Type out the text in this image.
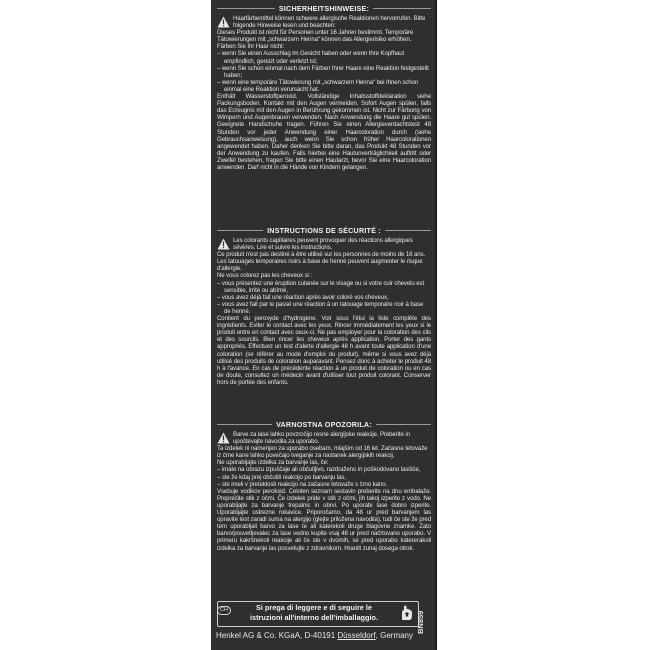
SICHERHEITSHINWEISE:

Haarfärbemittel können schwere allergische Reaktionen hervorrufen. Bitte folgende Hinweise lesen und beachten:

Dieses Produkt ist nicht für Personen unter 16 Jahren bestimmt. Temporäre Tätowierungen mit „schwarzem Henna“ können das Allergierisiko erhöhen.

Färben Sie Ihr Haar nicht:

– wenn Sie einen Ausschlag im Gesicht haben oder wenn Ihre Kopfhaut empfindlich, gereizt oder verletzt ist;

– wenn Sie schon einmal nach dem Färben Ihrer Haare eine Reaktion festgestellt haben;

– wenn eine temporäre Tätowierung mit „schwarzem Henna“ bei Ihnen schon einmal eine Reaktion verursacht hat.

Enthält Wasserstoffperoxid. Vollständige Inhaltsstoffdeklaration siehe Packungsboden. Kontakt mit den Augen vermeiden. Sofort Augen spülen, falls das Erzeugnis mit den Augen in Berührung gekommen ist. Nicht zur Färbung von Wimpern und Augenbrauen verwenden. Nach Anwendung die Haare gut spülen. Geeignete Handschuhe tragen. Führen Sie einen Allergieverdachtstest 48 Stunden vor jeder Anwendung einer Haarcoloration durch (siehe Gebrauchsanweisung), auch wenn Sie schon früher Haarcolorationen angewendet haben. Daher denken Sie bitte daran, das Produkt 48 Stunden vor der Anwendung zu kaufen. Falls hierbei eine Hautunverträglichkeit auftritt oder Zweifel bestehen, fragen Sie bitte einen Hautarzt, bevor Sie eine Haarcoloration anwenden. Darf nicht in die Hände von Kindern gelangen.

INSTRUCTIONS DE SÉCURITÉ :

Les colorants capillaires peuvent provoquer des réactions allergiques sévères. Lire et suivre les instructions.

Ce produit n'est pas destiné à être utilisé sur les personnes de moins de 16 ans. Les tatouages temporaires noirs à base de henné peuvent augmenter le risque d'allergie.

Ne vous colorez pas les cheveux si :

– vous présentez une éruption cutanée sur le visage ou si votre cuir chevelu est sensible, irrité ou abîmé,

– vous avez déjà fait une réaction après avoir coloré vos cheveux,

– vous avez fait par le passé une réaction à un tatouage temporaire noir à base de henné.

Contient du peroxyde d'hydrogène. Voir sous l'étui la liste complète des ingrédients. Eviter le contact avec les yeux. Rincer immédiatement les yeux si le produit entre en contact avec ceux-ci. Ne pas employer pour la coloration des cils et des sourcils. Bien rincer les cheveux après application. Porter des gants appropriés. Effectuez un test d'alerte d'allergie 48 h avant toute application d'une coloration (se référer au mode d'emploi du produit), même si vous avez déjà utilisé des produits de coloration auparavant. Pensez donc à acheter le produit 48 h à l'avance. En cas de précédente réaction à un produit de coloration ou en cas de doute, consultez un médecin avant d'utiliser tout produit colorant. Conserver hors de portée des enfants.

VARNOSTNA OPOZORILA:

Barve za lase lahko povzročijo resne alergijske reakcije. Preberite in upoštevajte navodila za uporabo.

Ta izdelek ni namenjen za uporabo osebam, mlajšim od 16 let. Začasne tetovaže iz črne kane lahko povečajo tveganje za nastanek alergijskih reakcij.

Ne uporabljajte izdelka za barvanje las, če:

– imate na obrazu izpuščaje ali občutljivo, razdraženo in poškodovano lasišče,

– ste že kdaj prej občutili reakcijo po barvanju las,

– ste imeli v preteklosti reakcijo na začasne tetovaže s črno kano.

Vsebuje vodikov peroksid. Celoten seznam sestavin preberite na dnu embalaže. Preprečite stik z očmi. Če izdelek pride v stik z očmi, jih takoj izperite z vodo. Ne uporabljajte za barvanje trepalnic in obrvi. Po uporabi lase dobro izperite. Uporabljajte ustrezne rokavice. Priporočamo, da 48 ur pred barvanjem las opravite test zaradi suma na alergijo (glejte priloženа navodila), tudi če ste že pred tem uporabljali barvo za lase te ali katerekoli druge blagovne znamke. Zato barvo/posvetljevalec za lase vedno kupite vsaj 48 ur pred načrtovano uporabo. V primeru kakršnekoli reakcije ali če ste v dvomih, se pred uporabo katerегakoli izdelka za barvanje las posvetujte z zdravnikom. Hraniti zunaj dosega otrok.

CH	Si prega di leggere e di seguire le
istruzioni all'interno dell'imballaggio.	BN859
Henkel AG & Co. KGaA, D-40191 Düsseldorf, Germany
